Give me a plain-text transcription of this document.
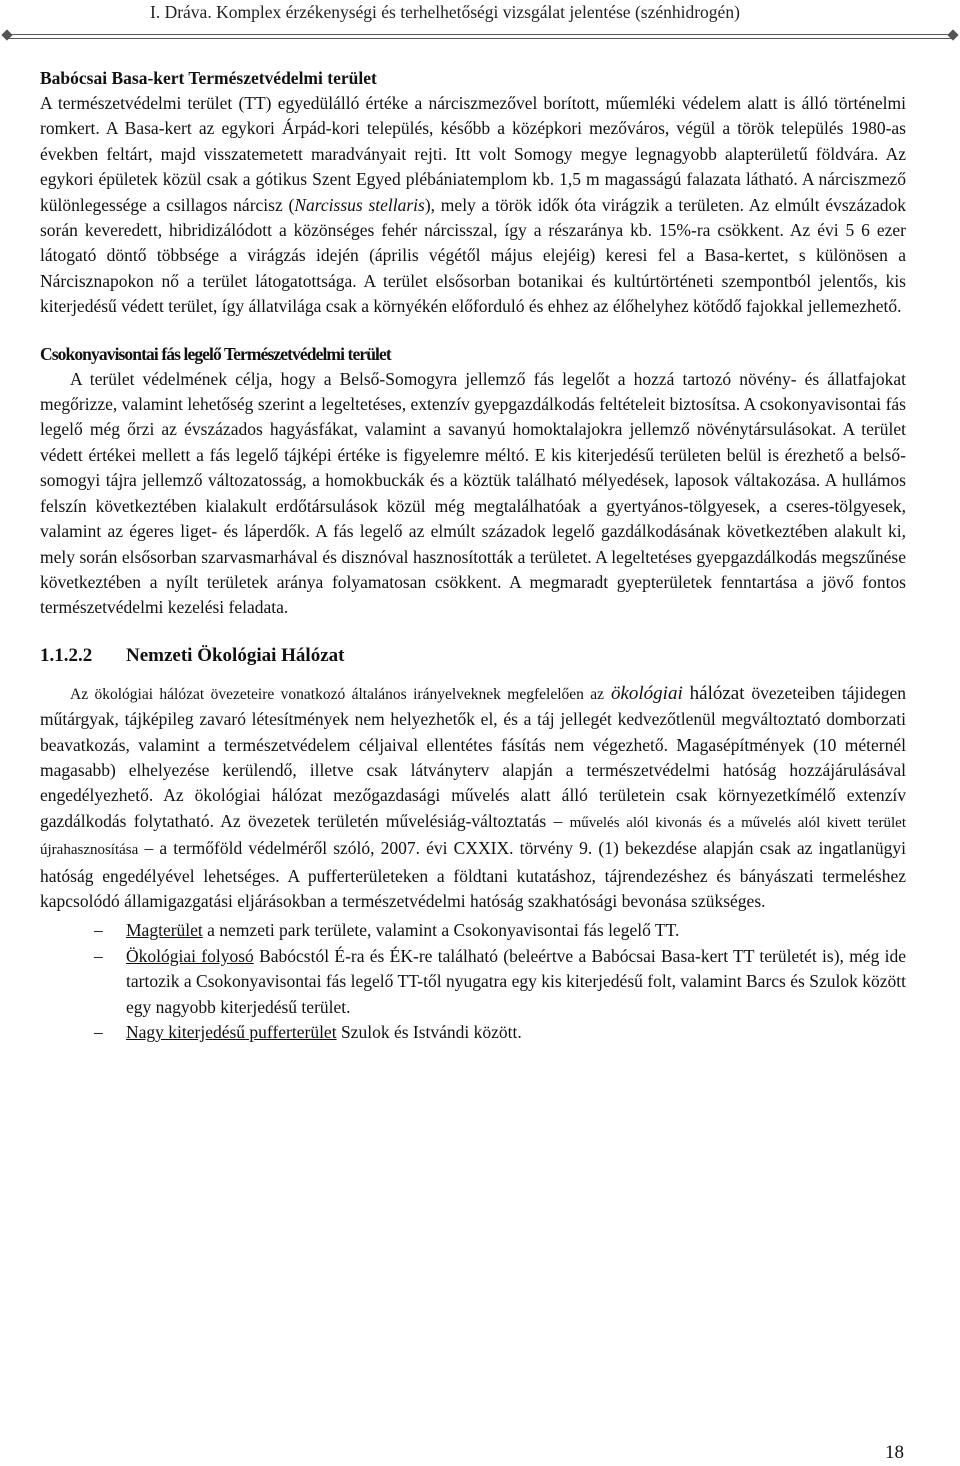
I. Dráva. Komplex érzékenységi és terhelhetőségi vizsgálat jelentése (szénhidrogén)
Babócsai Basa-kert Természetvédelmi terület

A természetvédelmi terület (TT) egyedülálló értéke a nárciszmezővel borított, műemléki védelem alatt is álló történelmi romkert. A Basa-kert az egykori Árpád-kori település, később a középkori mezőváros, végül a török település 1980-as években feltárt, majd visszatemetett maradványait rejti. Itt volt Somogy megye legnagyobb alapterületű földvára. Az egykori épületek közül csak a gótikus Szent Egyed plébániatemplom kb. 1,5 m magasságú falazata látható. A nárciszmező különlegessége a csillagos nárcisz (Narcissus stellaris), mely a török idők óta virágzik a területen. Az elmúlt évszázadok során keveredett, hibridizálódott a közönséges fehér nárcisszal, így a részaránya kb. 15%-ra csökkent. Az évi 5 6 ezer látogató döntő többsége a virágzás idején (április végétől május elejéig) keresi fel a Basa-kertet, s különösen a Nárcisznapokon nő a terület látogatottsága. A terület elsősorban botanikai és kultúrtörténeti szempontból jelentős, kis kiterjedésű védett terület, így állatvilága csak a környékén előforduló és ehhez az élőhelyhez kötődő fajokkal jellemezhető.

Csokonyavisontai fás legelő Természetvédelmi terület

A terület védelmének célja, hogy a Belső-Somogyra jellemző fás legelőt a hozzá tartozó növény- és állatfajokat megőrizze, valamint lehetőség szerint a legeltetéses, extenzív gyepgazdálkodás feltételeit biztosítsa. A csokonyavisontai fás legelő még őrzi az évszázados hagyásfákat, valamint a savanyú homoktalajokra jellemző növénytársulásokat. A terület védett értékei mellett a fás legelő tájképi értéke is figyelemre méltó. E kis kiterjedésű területen belül is érezhető a belső-somogyi tájra jellemző változatosság, a homokbuckák és a köztük található mélyedések, laposok váltakozása. A hullámos felszín következtében kialakult erdőtársulások közül még megtalálhatóak a gyertyános-tölgyesek, a cseres-tölgyesek, valamint az égeres liget- és láperdők. A fás legelő az elmúlt századok legelő gazdálkodásának következtében alakult ki, mely során elsősorban szarvasmarhával és disznóval hasznosították a területet. A legeltetéses gyepgazdálkodás megszűnése következtében a nyílt területek aránya folyamatosan csökkent. A megmaradt gyepterületek fenntartása a jövő fontos természetvédelmi kezelési feladata.

1.1.2.2	Nemzeti Ökológiai Hálózat

Az ökológiai hálózat övezeteire vonatkozó általános irányelveknek megfelelően az ökológiai hálózat övezeteiben tájidegen műtárgyak, tájképileg zavaró létesítmények nem helyezhetők el, és a táj jellegét kedvezőtlenül megváltoztató domborzati beavatkozás, valamint a természetvédelem céljaival ellentétes fásítás nem végezhető. Magasépítmények (10 méternél magasabb) elhelyezése kerülendő, illetve csak látványterv alapján a természetvédelmi hatóság hozzájárulásával engedélyezhető. Az ökológiai hálózat mezőgazdasági művelés alatt álló területein csak környezetkímélő extenzív gazdálkodás folytatható. Az övezetek területén művelésiág-változtatás – művelés alól kivonás és a művelés alól kivett terület újrahasznosítása – a termőföld védelméről szóló, 2007. évi CXXIX. törvény 9. (1) bekezdése alapján csak az ingatlanügyi hatóság engedélyével lehetséges. A pufferterületeken a földtani kutatáshoz, tájrendezéshez és bányászati termeléshez kapcsolódó államigazgatási eljárásokban a természetvédelmi hatóság szakhatósági bevonása szükséges.

– Magterület a nemzeti park területe, valamint a Csokonyavisontai fás legelő TT.
– Ökológiai folyosó Babócstól É-ra és ÉK-re található (beleértve a Babócsai Basa-kert TT területét is), még ide tartozik a Csokonyavisontai fás legelő TT-től nyugatra egy kis kiterjedésű folt, valamint Barcs és Szulok között egy nagyobb kiterjedésű terület.
– Nagy kiterjedésű pufferterület Szulok és Istvándi között.
18
